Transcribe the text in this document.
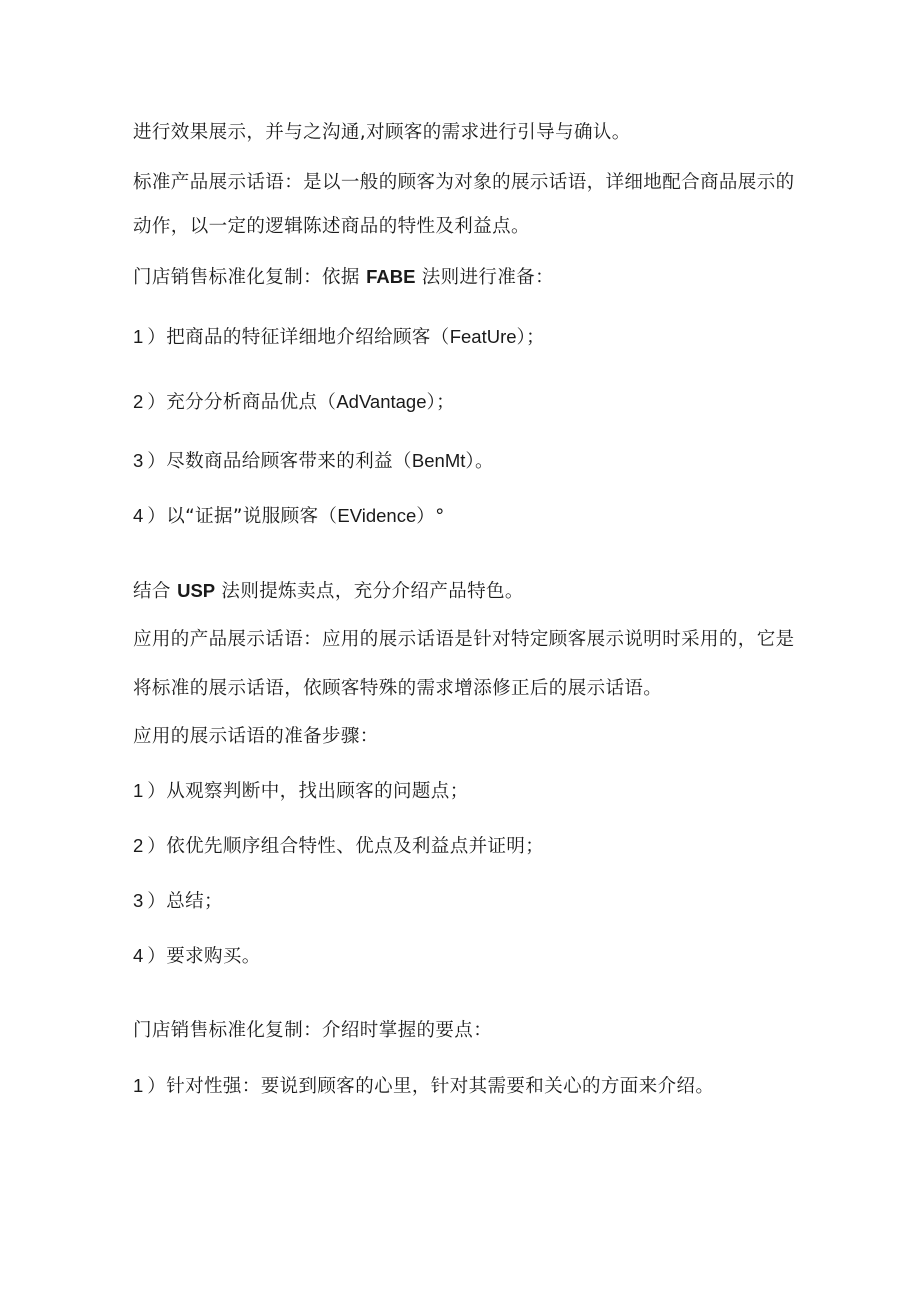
进行效果展示，并与之沟通,对顾客的需求进行引导与确认。
标准产品展示话语：是以一般的顾客为对象的展示话语，详细地配合商品展示的
动作，以一定的逻辑陈述商品的特性及利益点。
门店销售标准化复制：依据 FABE 法则进行准备：
1 ）把商品的特征详细地介绍给顾客（FeatUre）；
2 ）充分分析商品优点（AdVantage）；
3 ）尽数商品给顾客带来的利益（BenMt）。
4 ）以“证据”说服顾客（EVidence）°
结合 USP 法则提炼卖点，充分介绍产品特色。
应用的产品展示话语：应用的展示话语是针对特定顾客展示说明时采用的，它是
将标准的展示话语，依顾客特殊的需求增添修正后的展示话语。
应用的展示话语的准备步骤：
1 ）从观察判断中，找出顾客的问题点；
2 ）依优先顺序组合特性、优点及利益点并证明；
3 ）总结；
4 ）要求购买。
门店销售标准化复制：介绍时掌握的要点：
1 ）针对性强：要说到顾客的心里，针对其需要和关心的方面来介绍。
